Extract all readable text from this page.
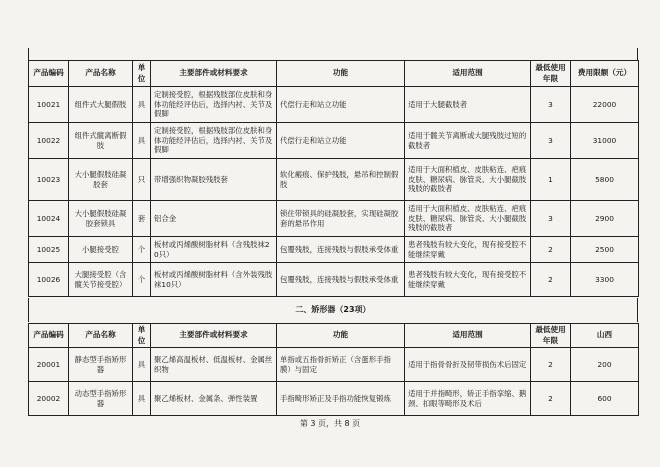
产品编码	产品名称	单位	主要部件或材料要求	功能	适用范围	最低使用年限	费用限额（元）
10021	组件式大腿假肢	具	定制接受腔，根据残肢部位皮肤和身体功能经评估后，选择内衬、关节及假脚	代偿行走和站立功能	适用于大腿截肢者	3	22000
10022	组件式髋离断假肢	具	定制接受腔，根据残肢部位皮肤和身体功能经评估后，选择内衬、关节及假脚	代偿行走和站立功能	适用于髋关节离断或大腿残肢过短的截肢者	3	31000
10023	大小腿假肢硅凝胶套	只	带增强织物凝胶残肢套	软化瘢痕、保护残肢，悬吊和控制假肢	适用于大面积植皮、皮肤粘连、疤痕皮肤、糖尿病、脉管炎、大小腿截肢残肢的截肢者	1	5800
10024	大小腿假肢硅凝胶套锁具	套	铝合金	锁住带锁具的硅凝胶套，实现硅凝胶套的悬吊作用	适用于大面积植皮、皮肤粘连、疤痕皮肤、糖尿病、脉管炎、大小腿截肢残肢的截肢者	3	2900
10025	小腿接受腔	个	板材或丙烯酸树脂材料（含残肢袜20只）	包覆残肢，连接残肢与假肢承受体重	患者残肢有较大变化，现有接受腔不能继续穿戴	2	2500
10026	大腿接受腔（含髋关节接受腔）	个	板材或丙烯酸树脂材料（含外装残肢袜10只）	包覆残肢，连接残肢与假肢承受体重	患者残肢有较大变化，现有接受腔不能继续穿戴	2	3300
二、矫形器（23项）
产品编码	产品名称	单位	主要部件或材料要求	功能	适用范围	最低使用年限	山西
20001	静态型手指矫形器	具	聚乙烯高温板材、低温板材、金属丝织物	单指或五指骨折矫正（含蛋形手指膜）与固定	适用于指骨骨折及韧带损伤术后固定	2	200
20002	动态型手指矫形器	具	聚乙烯板材、金属条、弹性装置	手指畸形矫正及手指功能恢复锻炼	适用于并指畸形，矫正手指挛缩、鹅颈、扣眼等畸形及术后	2	600
第 3 页，共 8 页
